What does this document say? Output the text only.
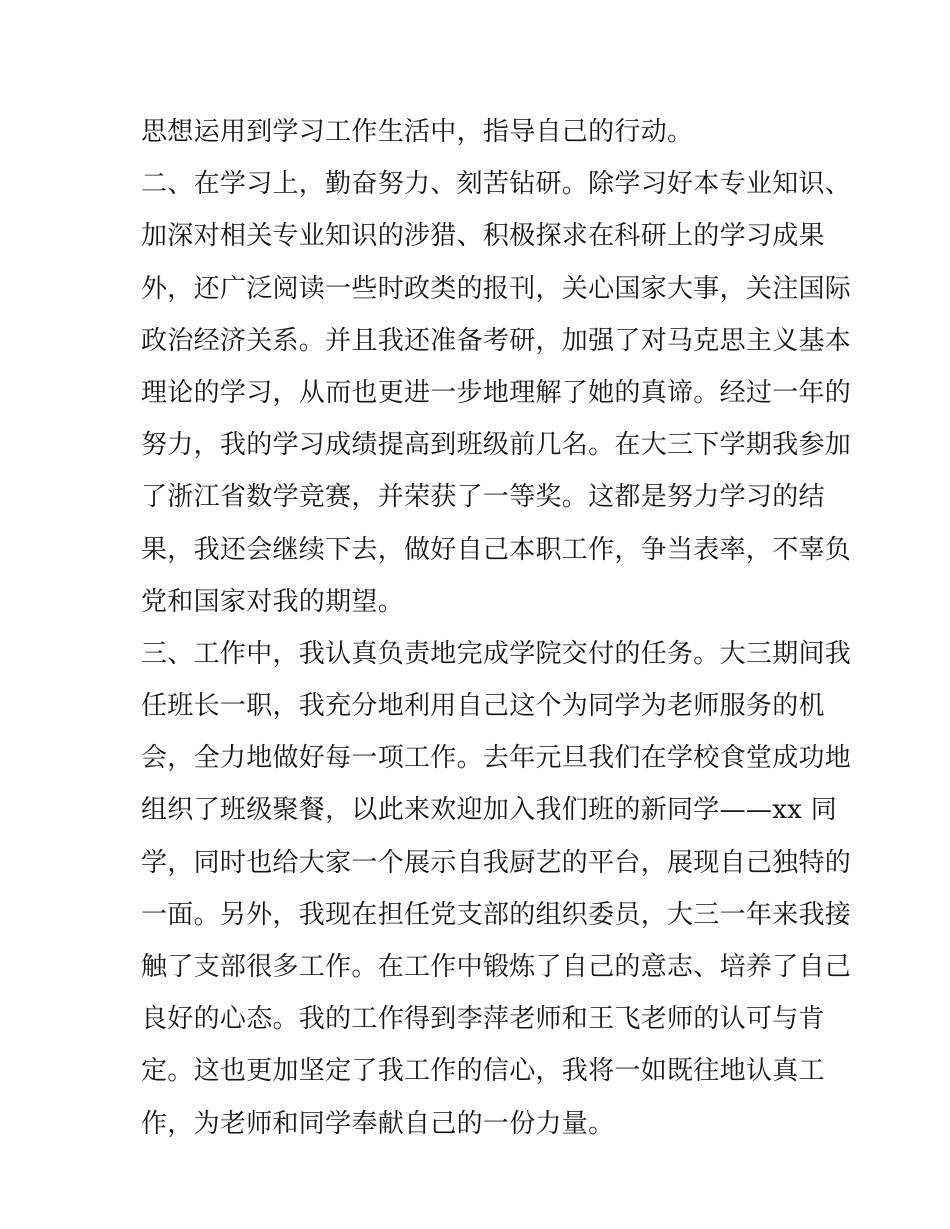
思想运用到学习工作生活中，指导自己的行动。
二、在学习上，勤奋努力、刻苦钻研。除学习好本专业知识、
加深对相关专业知识的涉猎、积极探求在科研上的学习成果
外，还广泛阅读一些时政类的报刊，关心国家大事，关注国际
政治经济关系。并且我还准备考研，加强了对马克思主义基本
理论的学习，从而也更进一步地理解了她的真谛。经过一年的
努力，我的学习成绩提高到班级前几名。在大三下学期我参加
了浙江省数学竞赛，并荣获了一等奖。这都是努力学习的结
果，我还会继续下去，做好自己本职工作，争当表率，不辜负
党和国家对我的期望。
三、工作中，我认真负责地完成学院交付的任务。大三期间我
任班长一职，我充分地利用自己这个为同学为老师服务的机
会，全力地做好每一项工作。去年元旦我们在学校食堂成功地
组织了班级聚餐，以此来欢迎加入我们班的新同学——xx 同
学，同时也给大家一个展示自我厨艺的平台，展现自己独特的
一面。另外，我现在担任党支部的组织委员，大三一年来我接
触了支部很多工作。在工作中锻炼了自己的意志、培养了自己
良好的心态。我的工作得到李萍老师和王飞老师的认可与肯
定。这也更加坚定了我工作的信心，我将一如既往地认真工
作，为老师和同学奉献自己的一份力量。
